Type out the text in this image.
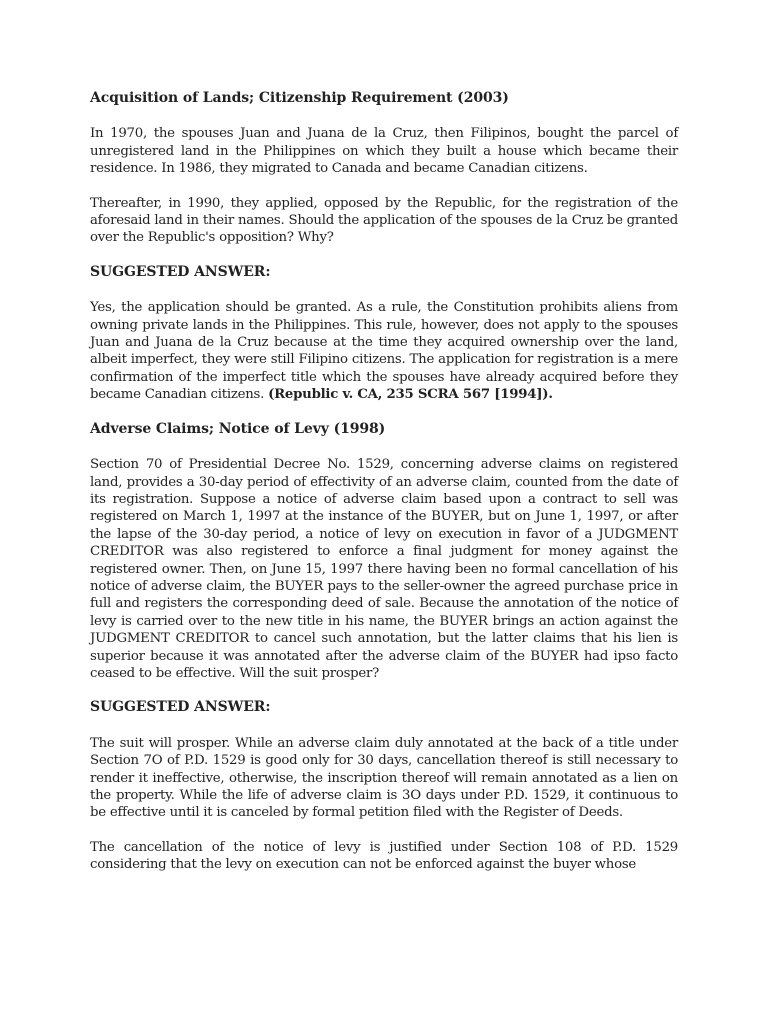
Acquisition of Lands; Citizenship Requirement (2003)

In 1970, the spouses Juan and Juana de la Cruz, then Filipinos, bought the parcel of unregistered land in the Philippines on which they built a house which became their residence. In 1986, they migrated to Canada and became Canadian citizens.

Thereafter, in 1990, they applied, opposed by the Republic, for the registration of the aforesaid land in their names. Should the application of the spouses de la Cruz be granted over the Republic's opposition? Why?

SUGGESTED ANSWER:

Yes, the application should be granted. As a rule, the Constitution prohibits aliens from owning private lands in the Philippines. This rule, however, does not apply to the spouses Juan and Juana de la Cruz because at the time they acquired ownership over the land, albeit imperfect, they were still Filipino citizens. The application for registration is a mere confirmation of the imperfect title which the spouses have already acquired before they became Canadian citizens. (Republic v. CA, 235 SCRA 567 [1994]).

Adverse Claims; Notice of Levy (1998)

Section 70 of Presidential Decree No. 1529, concerning adverse claims on registered land, provides a 30-day period of effectivity of an adverse claim, counted from the date of its registration. Suppose a notice of adverse claim based upon a contract to sell was registered on March 1, 1997 at the instance of the BUYER, but on June 1, 1997, or after the lapse of the 30-day period, a notice of levy on execution in favor of a JUDGMENT CREDITOR was also registered to enforce a final judgment for money against the registered owner. Then, on June 15, 1997 there having been no formal cancellation of his notice of adverse claim, the BUYER pays to the seller-owner the agreed purchase price in full and registers the corresponding deed of sale. Because the annotation of the notice of levy is carried over to the new title in his name, the BUYER brings an action against the JUDGMENT CREDITOR to cancel such annotation, but the latter claims that his lien is superior because it was annotated after the adverse claim of the BUYER had ipso facto ceased to be effective. Will the suit prosper?

SUGGESTED ANSWER:

The suit will prosper. While an adverse claim duly annotated at the back of a title under Section 7O of P.D. 1529 is good only for 30 days, cancellation thereof is still necessary to render it ineffective, otherwise, the inscription thereof will remain annotated as a lien on the property. While the life of adverse claim is 3O days under P.D. 1529, it continuous to be effective until it is canceled by formal petition filed with the Register of Deeds.

The cancellation of the notice of levy is justified under Section 108 of P.D. 1529 considering that the levy on execution can not be enforced against the buyer whose
